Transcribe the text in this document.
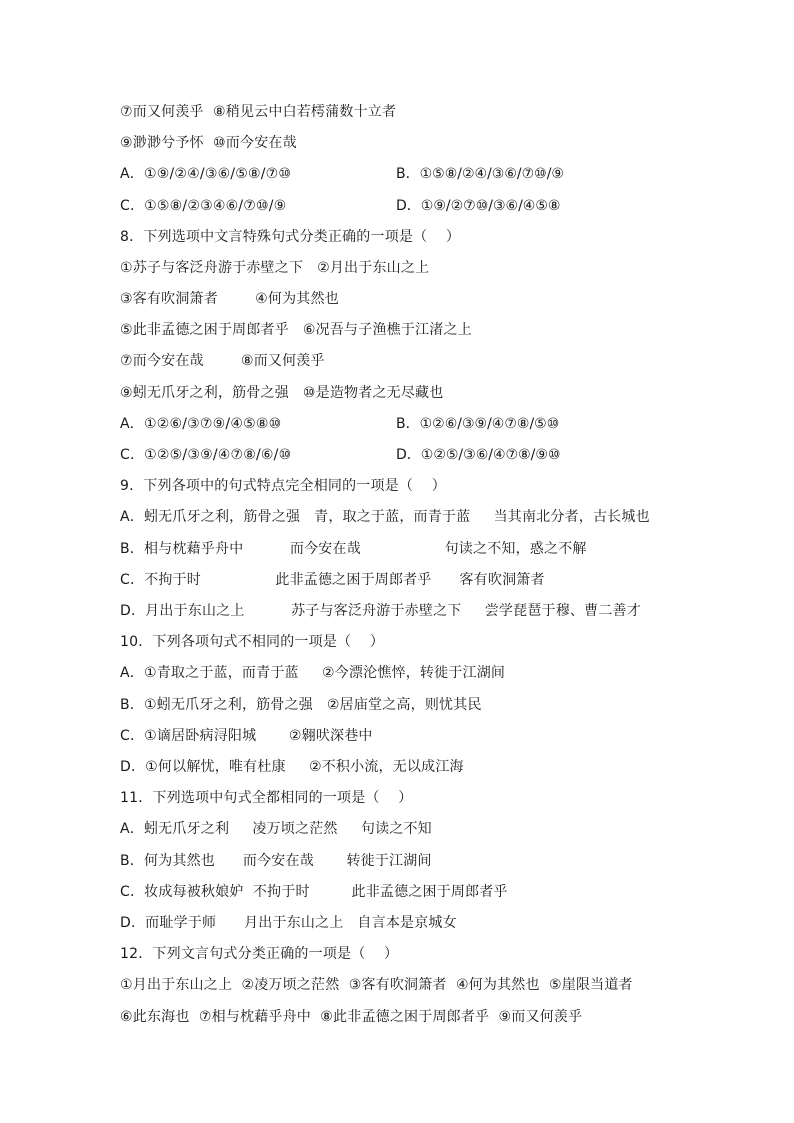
⑦而又何羡乎  ⑧稍见云中白若樗蒲数十立者
⑨渺渺兮予怀  ⑩而今安在哉
A．①⑨/②④/③⑥/⑤⑧/⑦⑩	B．①⑤⑧/②④/③⑥/⑦⑩/⑨
C．①⑤⑧/②③④⑥/⑦⑩/⑨	D．①⑨/②⑦⑩/③⑥/④⑤⑧
8．下列选项中文言特殊句式分类正确的一项是（    ）
①苏子与客泛舟游于赤壁之下   ②月出于东山之上
③客有吹洞箫者        ④何为其然也
⑤此非孟德之困于周郎者乎   ⑥况吾与子渔樵于江渚之上
⑦而今安在哉        ⑧而又何羡乎
⑨蚓无爪牙之利，筋骨之强   ⑩是造物者之无尽藏也
A．①②⑥/③⑦⑨/④⑤⑧⑩	B．①②⑥/③⑨/④⑦⑧/⑤⑩
C．①②⑤/③⑨/④⑦⑧/⑥/⑩	D．①②⑤/③⑥/④⑦⑧/⑨⑩
9．下列各项中的句式特点完全相同的一项是（    ）
A．蚓无爪牙之利，筋骨之强   青，取之于蓝，而青于蓝     当其南北分者，古长城也
B．相与枕藉乎舟中          而今安在哉                  句读之不知，惑之不解
C．不拘于时                此非孟德之困于周郎者乎      客有吹洞箫者
D．月出于东山之上          苏子与客泛舟游于赤壁之下     尝学琵琶于穆、曹二善才
10．下列各项句式不相同的一项是（    ）
A．①青取之于蓝，而青于蓝     ②今漂沦憔悴，转徙于江湖间
B．①蚓无爪牙之利，筋骨之强   ②居庙堂之高，则忧其民
C．①谪居卧病浔阳城       ②翱吠深巷中
D．①何以解忧，唯有杜康     ②不积小流，无以成江海
11．下列选项中句式全都相同的一项是（    ）
A．蚓无爪牙之利     凌万顷之茫然     句读之不知
B．何为其然也      而今安在哉       转徙于江湖间
C．妆成每被秋娘妒  不拘于时         此非孟德之困于周郎者乎
D．而耻学于师      月出于东山之上   自言本是京城女
12．下列文言句式分类正确的一项是（    ）
①月出于东山之上  ②凌万顷之茫然  ③客有吹洞箫者  ④何为其然也  ⑤崖限当道者
⑥此东海也  ⑦相与枕藉乎舟中  ⑧此非孟德之困于周郎者乎  ⑨而又何羡乎
